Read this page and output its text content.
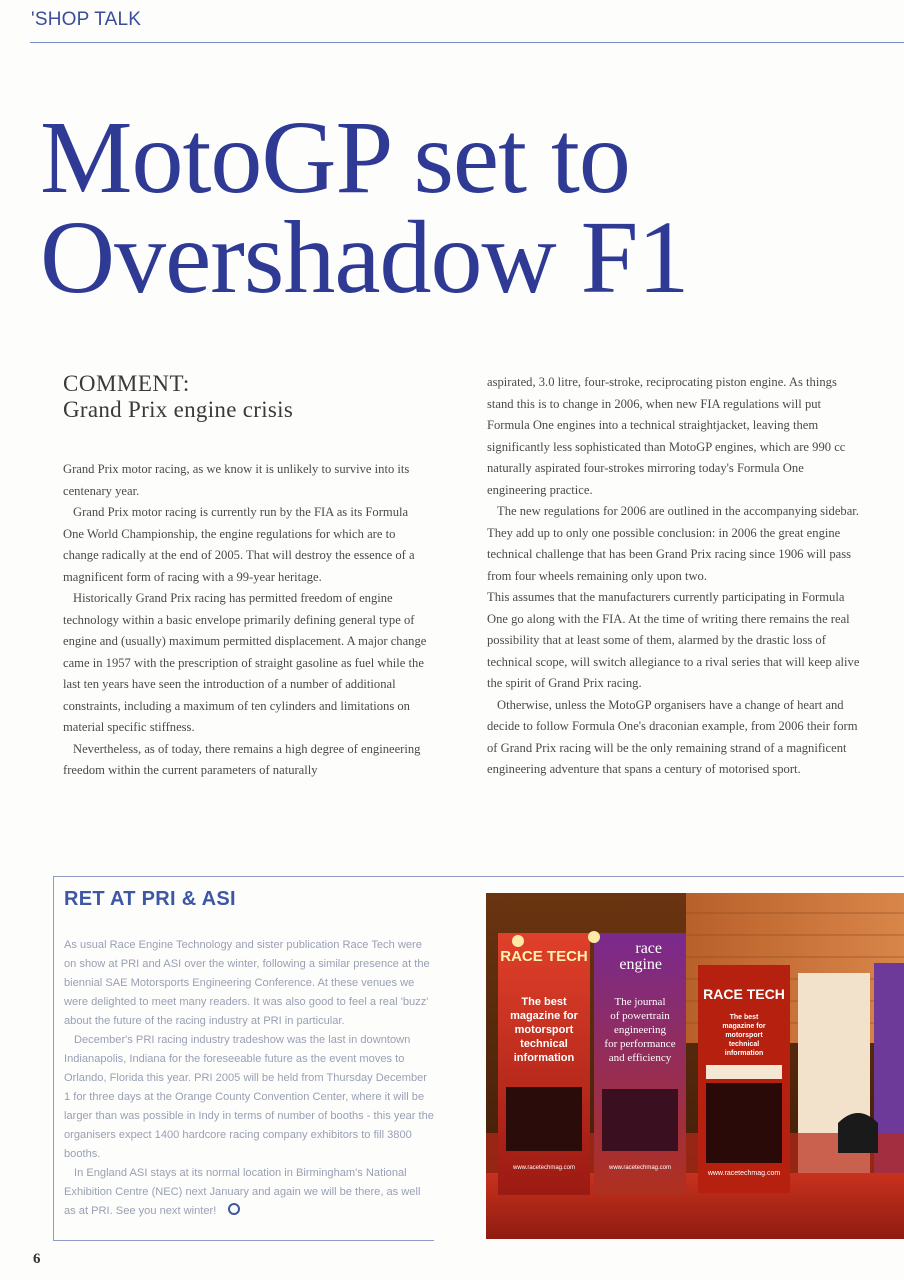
'SHOP TALK
MotoGP set to
Overshadow F1
COMMENT:
Grand Prix engine crisis

Grand Prix motor racing, as we know it is unlikely to survive into its centenary year.

Grand Prix motor racing is currently run by the FIA as its Formula One World Championship, the engine regulations for which are to change radically at the end of 2005. That will destroy the essence of a magnificent form of racing with a 99-year heritage.

Historically Grand Prix racing has permitted freedom of engine technology within a basic envelope primarily defining general type of engine and (usually) maximum permitted displacement. A major change came in 1957 with the prescription of straight gasoline as fuel while the last ten years have seen the introduction of a number of additional constraints, including a maximum of ten cylinders and limitations on material specific stiffness.

Nevertheless, as of today, there remains a high degree of engineering freedom within the current parameters of naturally

aspirated, 3.0 litre, four-stroke, reciprocating piston engine. As things stand this is to change in 2006, when new FIA regulations will put Formula One engines into a technical straightjacket, leaving them significantly less sophisticated than MotoGP engines, which are 990 cc naturally aspirated four-strokes mirroring today's Formula One engineering practice.

The new regulations for 2006 are outlined in the accompanying sidebar. They add up to only one possible conclusion: in 2006 the great engine technical challenge that has been Grand Prix racing since 1906 will pass from four wheels remaining only upon two.

This assumes that the manufacturers currently participating in Formula One go along with the FIA. At the time of writing there remains the real possibility that at least some of them, alarmed by the drastic loss of technical scope, will switch allegiance to a rival series that will keep alive the spirit of Grand Prix racing.

Otherwise, unless the MotoGP organisers have a change of heart and decide to follow Formula One's draconian example, from 2006 their form of Grand Prix racing will be the only remaining strand of a magnificent engineering adventure that spans a century of motorised sport.

RET AT PRI & ASI

As usual Race Engine Technology and sister publication Race Tech were on show at PRI and ASI over the winter, following a similar presence at the biennial SAE Motorsports Engineering Conference. At these venues we were delighted to meet many readers. It was also good to feel a real 'buzz' about the future of the racing industry at PRI in particular.

December's PRI racing industry tradeshow was the last in downtown Indianapolis, Indiana for the foreseeable future as the event moves to Orlando, Florida this year. PRI 2005 will be held from Thursday December 1 for three days at the Orange County Convention Center, where it will be larger than was possible in Indy in terms of number of booths - this year the organisers expect 1400 hardcore racing company exhibitors to fill 3800 booths.

In England ASI stays at its normal location in Birmingham's National Exhibition Centre (NEC) next January and again we will be there, as well as at PRI. See you next winter!

RACE TECH
The best
magazine for
motorsport
technical
information
www.racetechmag.com
race
engine
The journal
of powertrain
engineering
for performance
and efficiency
www.racetechmag.com
RACE TECH
The best
magazine for
motorsport
technical
information
www.racetechmag.com
6
